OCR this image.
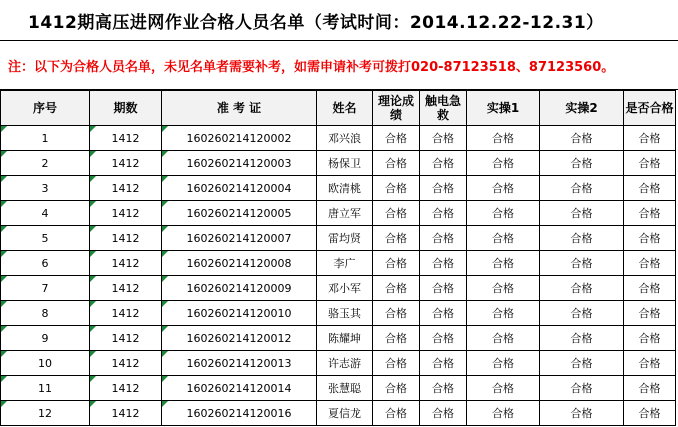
1412期高压进网作业合格人员名单（考试时间：2014.12.22-12.31）
注：以下为合格人员名单，未见名单者需要补考，如需申请补考可拨打020-87123518、87123560。
序号	期数	准 考 证	姓名	理论成绩	触电急救	实操1	实操2	是否合格
1	1412	160260214120002	邓兴浪	合格	合格	合格	合格	合格
2	1412	160260214120003	杨保卫	合格	合格	合格	合格	合格
3	1412	160260214120004	欧清桃	合格	合格	合格	合格	合格
4	1412	160260214120005	唐立军	合格	合格	合格	合格	合格
5	1412	160260214120007	雷均贤	合格	合格	合格	合格	合格
6	1412	160260214120008	李广	合格	合格	合格	合格	合格
7	1412	160260214120009	邓小军	合格	合格	合格	合格	合格
8	1412	160260214120010	骆玉其	合格	合格	合格	合格	合格
9	1412	160260214120012	陈耀坤	合格	合格	合格	合格	合格
10	1412	160260214120013	许志游	合格	合格	合格	合格	合格
11	1412	160260214120014	张慧聪	合格	合格	合格	合格	合格
12	1412	160260214120016	夏信龙	合格	合格	合格	合格	合格
